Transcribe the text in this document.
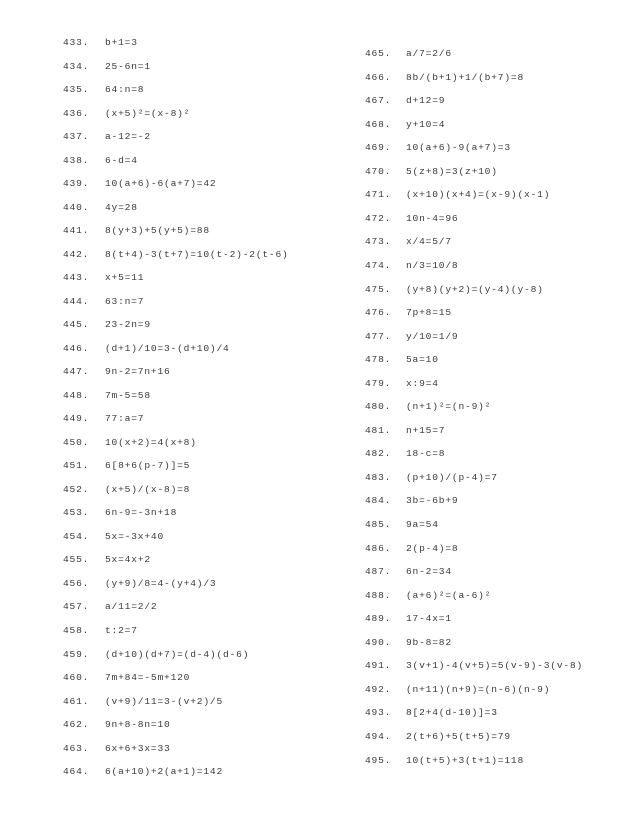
433. b+1=3
434. 25-6n=1
435. 64:n=8
436. (x+5)²=(x-8)²
437. a-12=-2
438. 6-d=4
439. 10(a+6)-6(a+7)=42
440. 4y=28
441. 8(y+3)+5(y+5)=88
442. 8(t+4)-3(t+7)=10(t-2)-2(t-6)
443. x+5=11
444. 63:n=7
445. 23-2n=9
446. (d+1)/10=3-(d+10)/4
447. 9n-2=7n+16
448. 7m-5=58
449. 77:a=7
450. 10(x+2)=4(x+8)
451. 6[8+6(p-7)]=5
452. (x+5)/(x-8)=8
453. 6n-9=-3n+18
454. 5x=-3x+40
455. 5x=4x+2
456. (y+9)/8=4-(y+4)/3
457. a/11=2/2
458. t:2=7
459. (d+10)(d+7)=(d-4)(d-6)
460. 7m+84=-5m+120
461. (v+9)/11=3-(v+2)/5
462. 9n+8-8n=10
463. 6x+6+3x=33
464. 6(a+10)+2(a+1)=142
465. a/7=2/6
466. 8b/(b+1)+1/(b+7)=8
467. d+12=9
468. y+10=4
469. 10(a+6)-9(a+7)=3
470. 5(z+8)=3(z+10)
471. (x+10)(x+4)=(x-9)(x-1)
472. 10n-4=96
473. x/4=5/7
474. n/3=10/8
475. (y+8)(y+2)=(y-4)(y-8)
476. 7p+8=15
477. y/10=1/9
478. 5a=10
479. x:9=4
480. (n+1)²=(n-9)²
481. n+15=7
482. 18-c=8
483. (p+10)/(p-4)=7
484. 3b=-6b+9
485. 9a=54
486. 2(p-4)=8
487. 6n-2=34
488. (a+6)²=(a-6)²
489. 17-4x=1
490. 9b-8=82
491. 3(v+1)-4(v+5)=5(v-9)-3(v-8)
492. (n+11)(n+9)=(n-6)(n-9)
493. 8[2+4(d-10)]=3
494. 2(t+6)+5(t+5)=79
495. 10(t+5)+3(t+1)=118
